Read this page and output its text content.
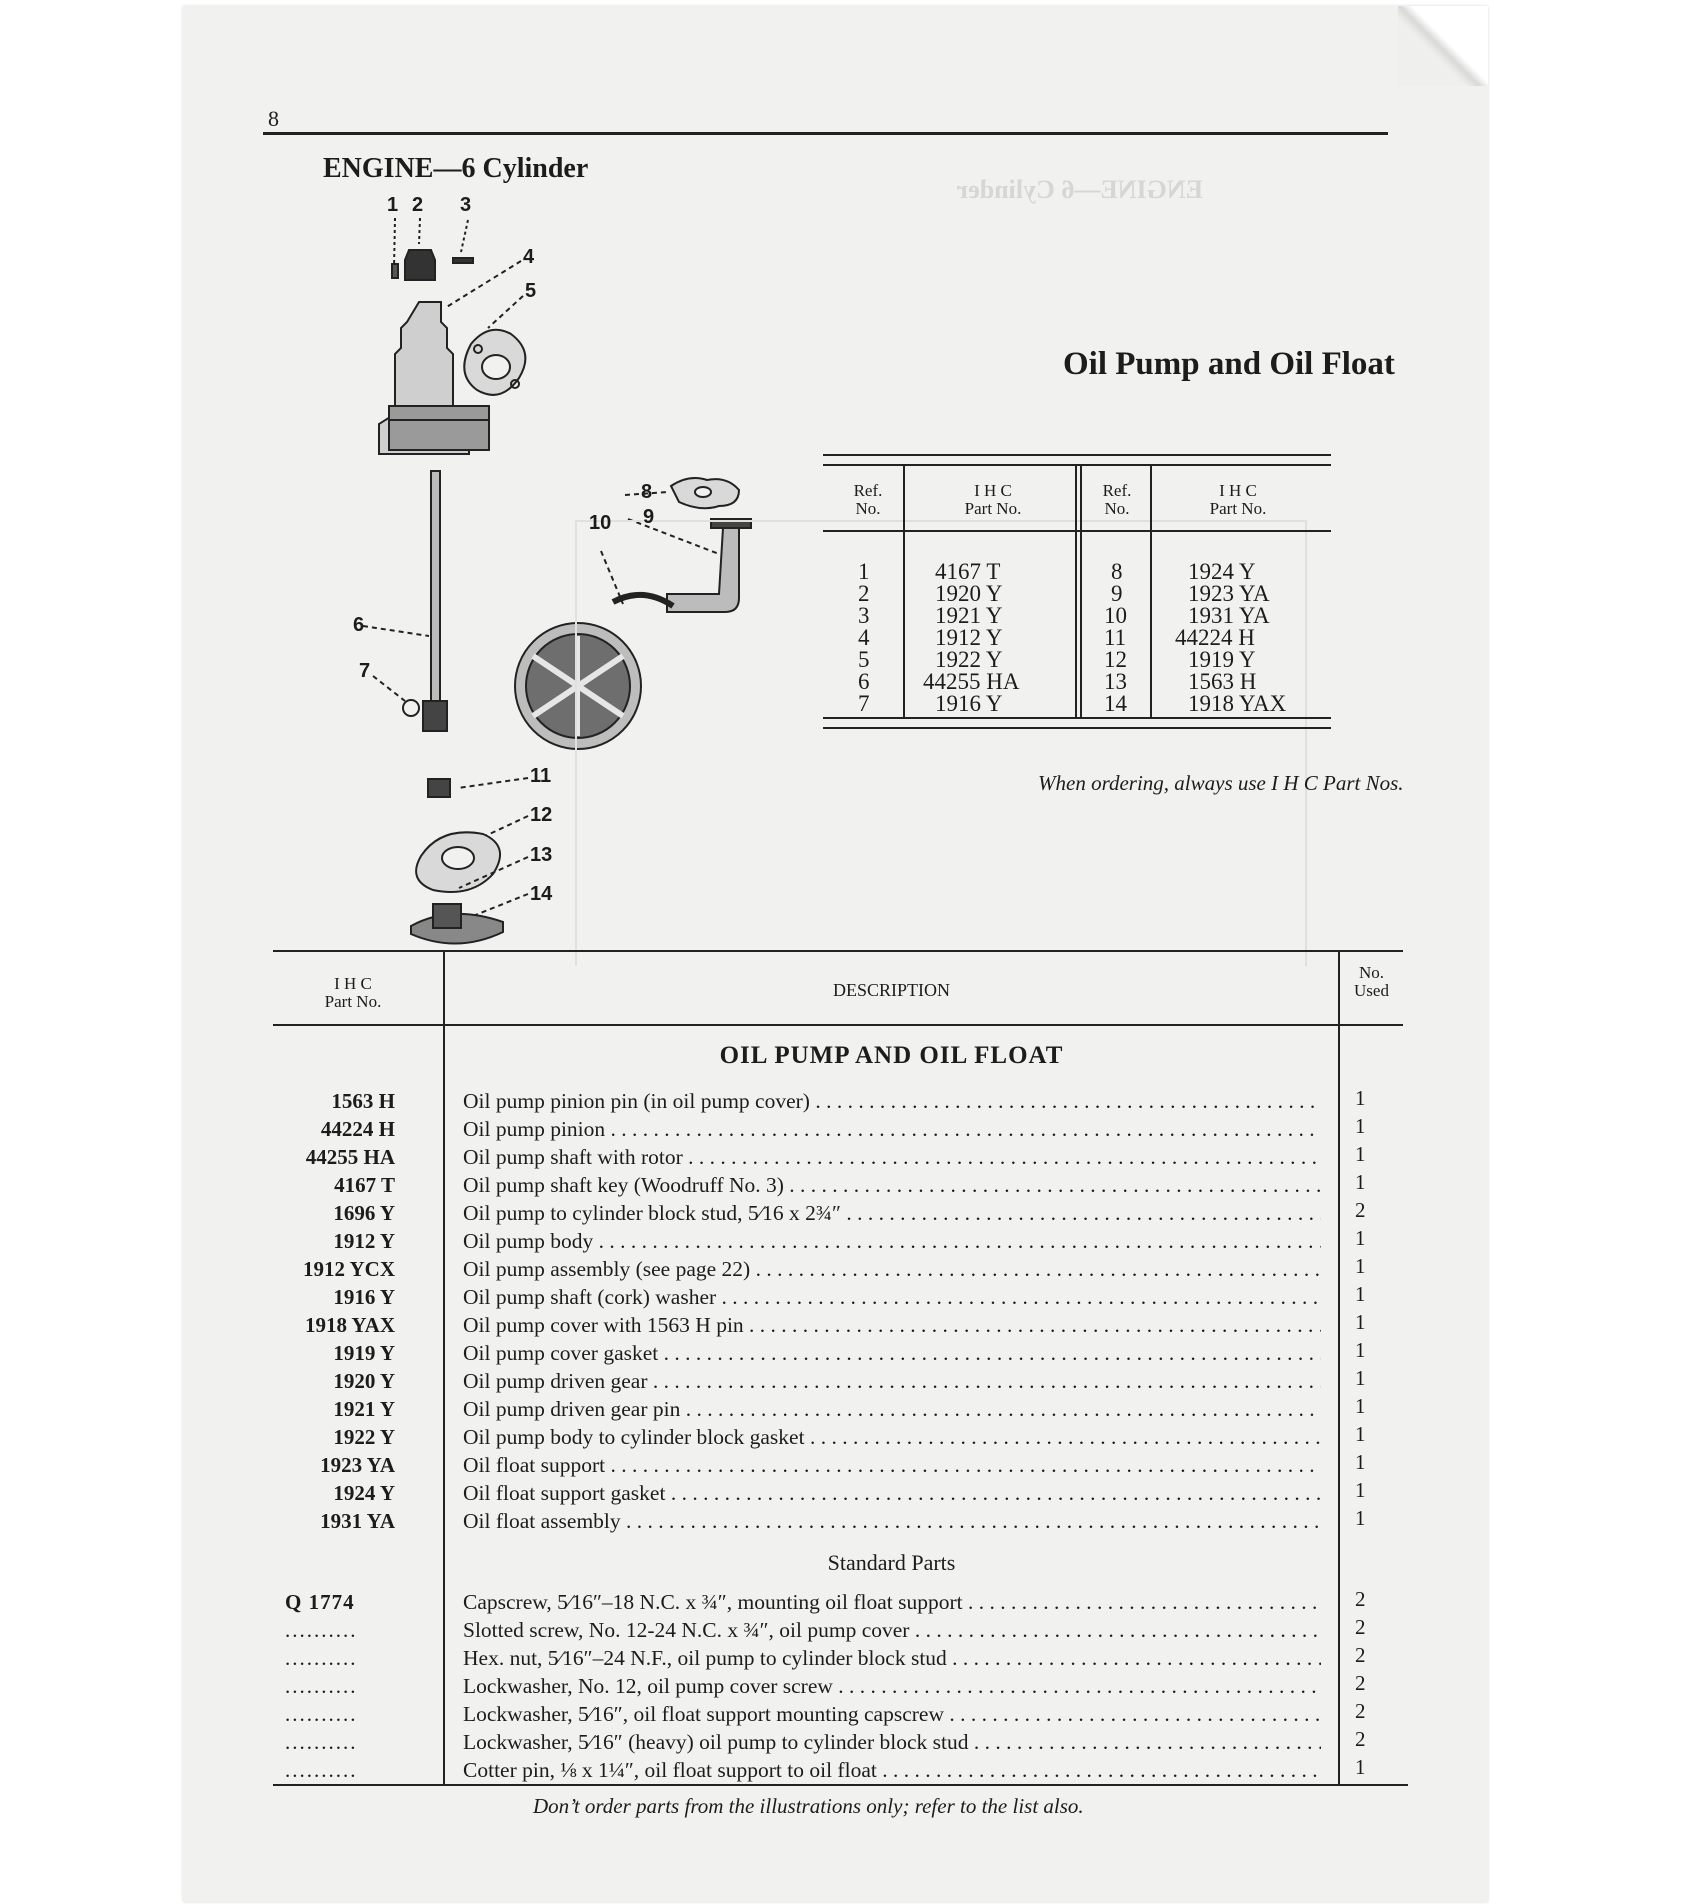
8
ENGINE—6 Cylinder
ENGINE—6 Cylinder
1 2 3
4
5
6
7
8
9
10
11
12
13
14
Oil Pump and Oil Float
Ref.
No.
I H C
Part No.
Ref.
No.
I H C
Part No.
1	4167 T
2	1920 Y
3	1921 Y
4	1912 Y
5	1922 Y
6 44255 HA
7	1916 Y
8	1924 Y
9	1923 YA
10	1931 YA
11 44224 H
12	1919 Y
13	1563 H
14	1918 YAX
When ordering, always use I H C Part Nos.
I H C
Part No.
DESCRIPTION
No.
Used
OIL PUMP AND OIL FLOAT
1563 H	Oil pump pinion pin (in oil pump cover) . . .	1
44224 H	Oil pump pinion . . .	1
44255 HA	Oil pump shaft with rotor . . .	1
4167 T	Oil pump shaft key (Woodruff No. 3) . . .	1
1696 Y	Oil pump to cylinder block stud, 5⁄16 x 2¾″ . . .	2
1912 Y	Oil pump body . . .	1
1912 YCX	Oil pump assembly (see page 22) . . .	1
1916 Y	Oil pump shaft (cork) washer . . .	1
1918 YAX	Oil pump cover with 1563 H pin . . .	1
1919 Y	Oil pump cover gasket . . .	1
1920 Y	Oil pump driven gear . . .	1
1921 Y	Oil pump driven gear pin . . .	1
1922 Y	Oil pump body to cylinder block gasket . . .	1
1923 YA	Oil float support . . .	1
1924 Y	Oil float support gasket . . .	1
1931 YA	Oil float assembly . . .	1
Standard Parts
Q 1774	Capscrew, 5⁄16″–18 N.C. x ¾″, mounting oil float support . . .	2
..........	Slotted screw, No. 12-24 N.C. x ¾″, oil pump cover . . .	2
..........	Hex. nut, 5⁄16″–24 N.F., oil pump to cylinder block stud . . .	2
..........	Lockwasher, No. 12, oil pump cover screw . . .	2
..........	Lockwasher, 5⁄16″, oil float support mounting capscrew . . .	2
..........	Lockwasher, 5⁄16″ (heavy) oil pump to cylinder block stud . . .	2
..........	Cotter pin, ⅛ x 1¼″, oil float support to oil float . . .	1
Don’t order parts from the illustrations only; refer to the list also.
